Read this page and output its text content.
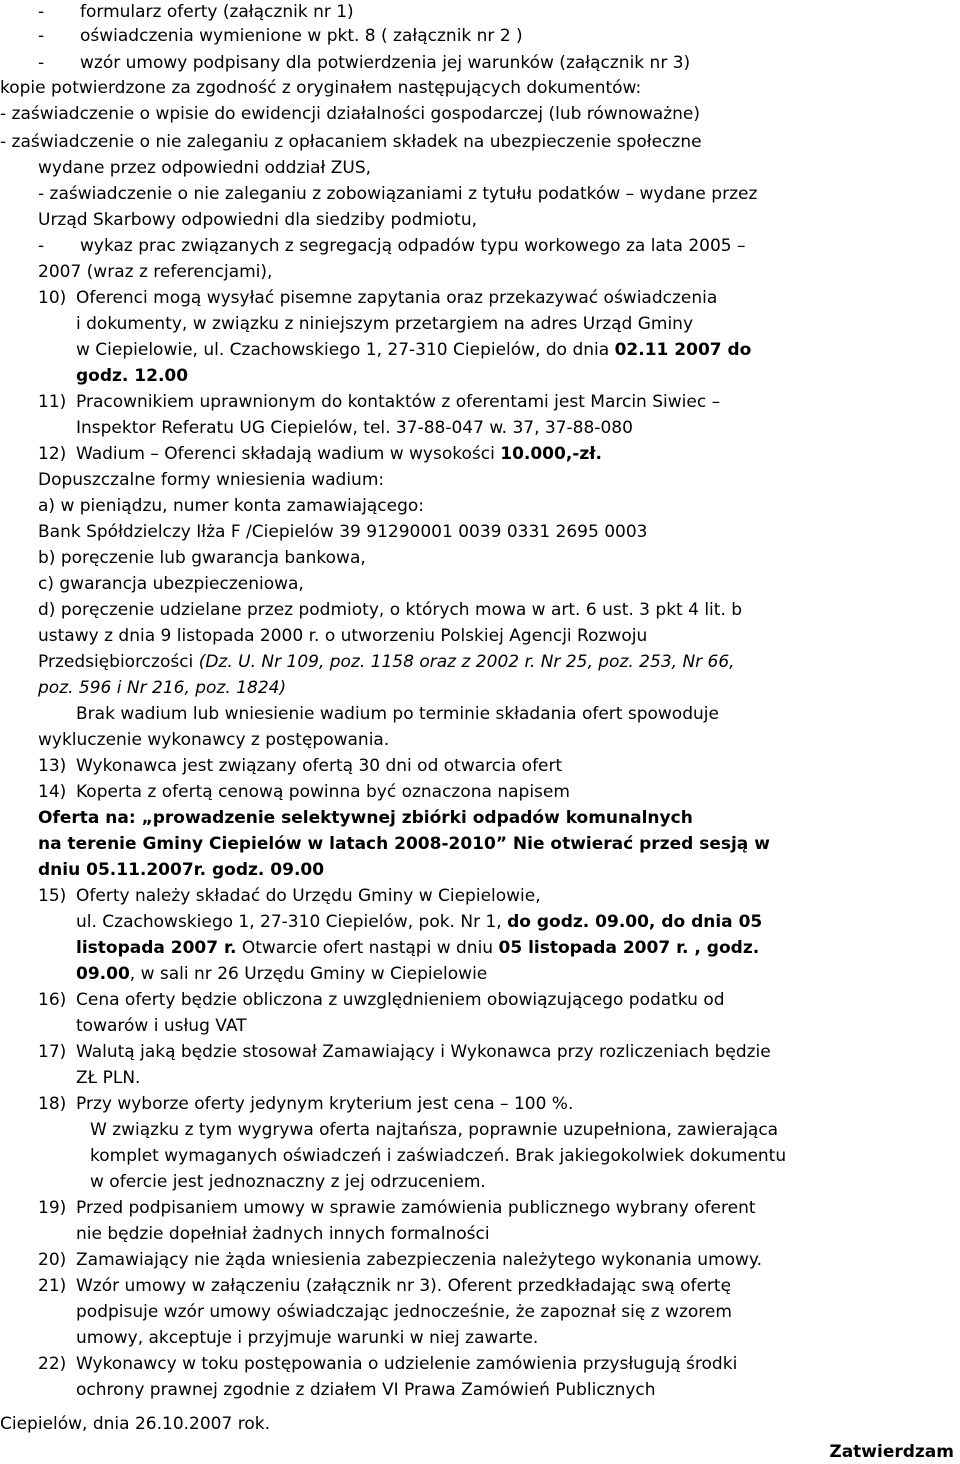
- formularz oferty (załącznik nr 1)
- oświadczenia wymienione w pkt. 8 ( załącznik nr 2 )
- wzór umowy podpisany dla potwierdzenia jej warunków (załącznik nr 3)
kopie potwierdzone za zgodność z oryginałem następujących dokumentów:
- zaświadczenie o wpisie do ewidencji działalności gospodarczej (lub równoważne)
- zaświadczenie o nie zaleganiu z opłacaniem składek na ubezpieczenie społeczne
wydane przez odpowiedni oddział ZUS,
- zaświadczenie o nie zaleganiu z zobowiązaniami z tytułu podatków – wydane przez
Urząd Skarbowy odpowiedni dla siedziby podmiotu,
- wykaz prac związanych z segregacją odpadów typu workowego za lata 2005 –
2007 (wraz z referencjami),
10) Oferenci mogą wysyłać pisemne zapytania oraz przekazywać oświadczenia
i dokumenty, w związku z niniejszym przetargiem na adres Urząd Gminy
w Ciepielowie, ul. Czachowskiego 1, 27-310 Ciepielów, do dnia 02.11 2007 do
godz. 12.00
11) Pracownikiem uprawnionym do kontaktów z oferentami jest Marcin Siwiec –
Inspektor Referatu UG Ciepielów, tel. 37-88-047 w. 37, 37-88-080
12) Wadium – Oferenci składają wadium w wysokości 10.000,-zł.
Dopuszczalne formy wniesienia wadium:
a) w pieniądzu, numer konta zamawiającego:
Bank Spółdzielczy Iłża F /Ciepielów 39 91290001 0039 0331 2695 0003
b) poręczenie lub gwarancja bankowa,
c) gwarancja ubezpieczeniowa,
d) poręczenie udzielane przez podmioty, o których mowa w art. 6 ust. 3 pkt 4 lit. b
ustawy z dnia 9 listopada 2000 r. o utworzeniu Polskiej Agencji Rozwoju
Przedsiębiorczości (Dz. U. Nr 109, poz. 1158 oraz z 2002 r. Nr 25, poz. 253, Nr 66,
poz. 596 i Nr 216, poz. 1824)
Brak wadium lub wniesienie wadium po terminie składania ofert spowoduje
wykluczenie wykonawcy z postępowania.
13) Wykonawca jest związany ofertą 30 dni od otwarcia ofert
14) Koperta z ofertą cenową powinna być oznaczona napisem
Oferta na: „prowadzenie selektywnej zbiórki odpadów komunalnych
na terenie Gminy Ciepielów w latach 2008-2010” Nie otwierać przed sesją w
dniu 05.11.2007r. godz. 09.00
15) Oferty należy składać do Urzędu Gminy w Ciepielowie,
ul. Czachowskiego 1, 27-310 Ciepielów, pok. Nr 1, do godz. 09.00, do dnia 05
listopada 2007 r. Otwarcie ofert nastąpi w dniu 05 listopada 2007 r. , godz.
09.00, w sali nr 26 Urzędu Gminy w Ciepielowie
16) Cena oferty będzie obliczona z uwzględnieniem obowiązującego podatku od
towarów i usług VAT
17) Walutą jaką będzie stosował Zamawiający i Wykonawca przy rozliczeniach będzie
ZŁ PLN.
18) Przy wyborze oferty jedynym kryterium jest cena – 100 %.
W związku z tym wygrywa oferta najtańsza, poprawnie uzupełniona, zawierająca
komplet wymaganych oświadczeń i zaświadczeń. Brak jakiegokolwiek dokumentu
w ofercie jest jednoznaczny z jej odrzuceniem.
19) Przed podpisaniem umowy w sprawie zamówienia publicznego wybrany oferent
nie będzie dopełniał żadnych innych formalności
20) Zamawiający nie żąda wniesienia zabezpieczenia należytego wykonania umowy.
21) Wzór umowy w załączeniu (załącznik nr 3). Oferent przedkładając swą ofertę
podpisuje wzór umowy oświadczając jednocześnie, że zapoznał się z wzorem
umowy, akceptuje i przyjmuje warunki w niej zawarte.
22) Wykonawcy w toku postępowania o udzielenie zamówienia przysługują środki
ochrony prawnej zgodnie z działem VI Prawa Zamówień Publicznych
Ciepielów, dnia 26.10.2007 rok.
Zatwierdzam
